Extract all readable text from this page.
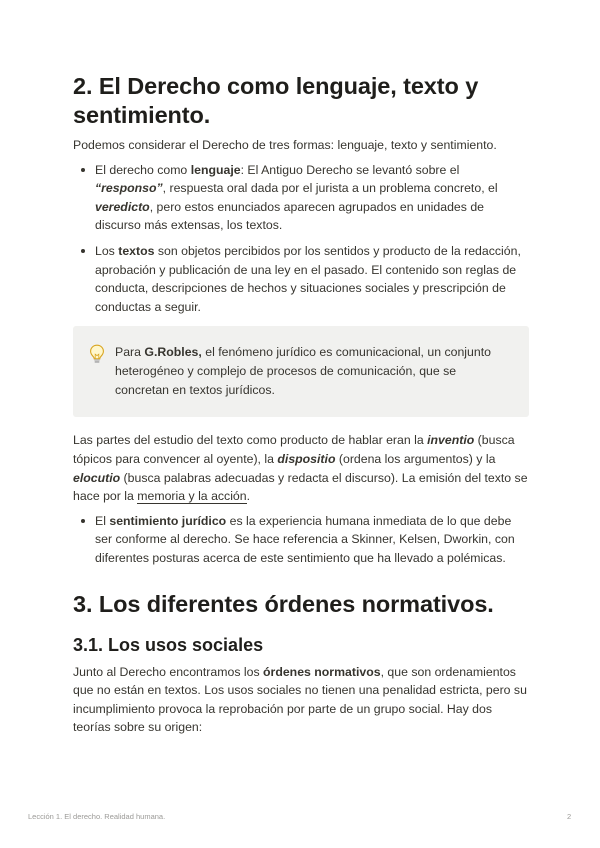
2. El Derecho como lenguaje, texto y sentimiento.

Podemos considerar el Derecho de tres formas: lenguaje, texto y sentimiento.

El derecho como lenguaje: El Antiguo Derecho se levantó sobre el “responso”, respuesta oral dada por el jurista a un problema concreto, el veredicto, pero estos enunciados aparecen agrupados en unidades de discurso más extensas, los textos.
Los textos son objetos percibidos por los sentidos y producto de la redacción, aprobación y publicación de una ley en el pasado. El contenido son reglas de conducta, descripciones de hechos y situaciones sociales y prescripción de conductas a seguir.
Para G.Robles, el fenómeno jurídico es comunicacional, un conjunto heterogéneo y complejo de procesos de comunicación, que se concretan en textos jurídicos.

Las partes del estudio del texto como producto de hablar eran la inventio (busca tópicos para convencer al oyente), la dispositio (ordena los argumentos) y la elocutio (busca palabras adecuadas y redacta el discurso). La emisión del texto se hace por la memoria y la acción.

El sentimiento jurídico es la experiencia humana inmediata de lo que debe ser conforme al derecho. Se hace referencia a Skinner, Kelsen, Dworkin, con diferentes posturas acerca de este sentimiento que ha llevado a polémicas.
3. Los diferentes órdenes normativos.
3.1. Los usos sociales

Junto al Derecho encontramos los órdenes normativos, que son ordenamientos que no están en textos. Los usos sociales no tienen una penalidad estricta, pero su incumplimiento provoca la reprobación por parte de un grupo social. Hay dos teorías sobre su origen:

Lección 1. El derecho. Realidad humana.	2
